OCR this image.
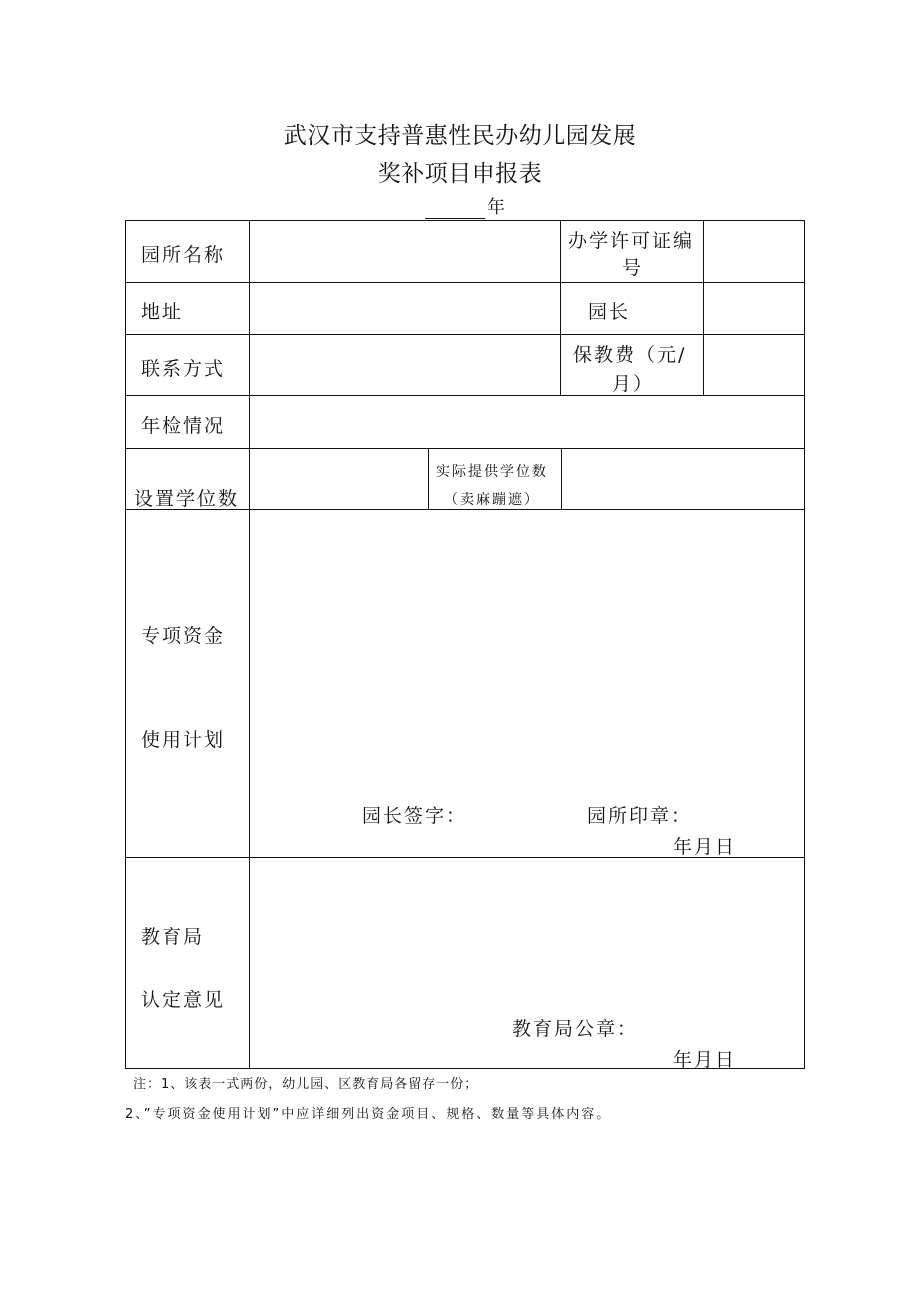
武汉市支持普惠性民办幼儿园发展
奖补项目申报表
年
园所名称
办学许可证编
号
地址	园长
联系方式
保教费（元/
月）
年检情况
设置学位数
实际提供学位数
（卖麻蹦遮）
专项资金
使用计划
园长签字：	园所印章：
年月日
教育局
认定意见
教育局公章：
年月日
注：1、该表一式两份，幼儿园、区教育局各留存一份；
2、”专项资金使用计划”中应详细列出资金项目、规格、数量等具体内容。
